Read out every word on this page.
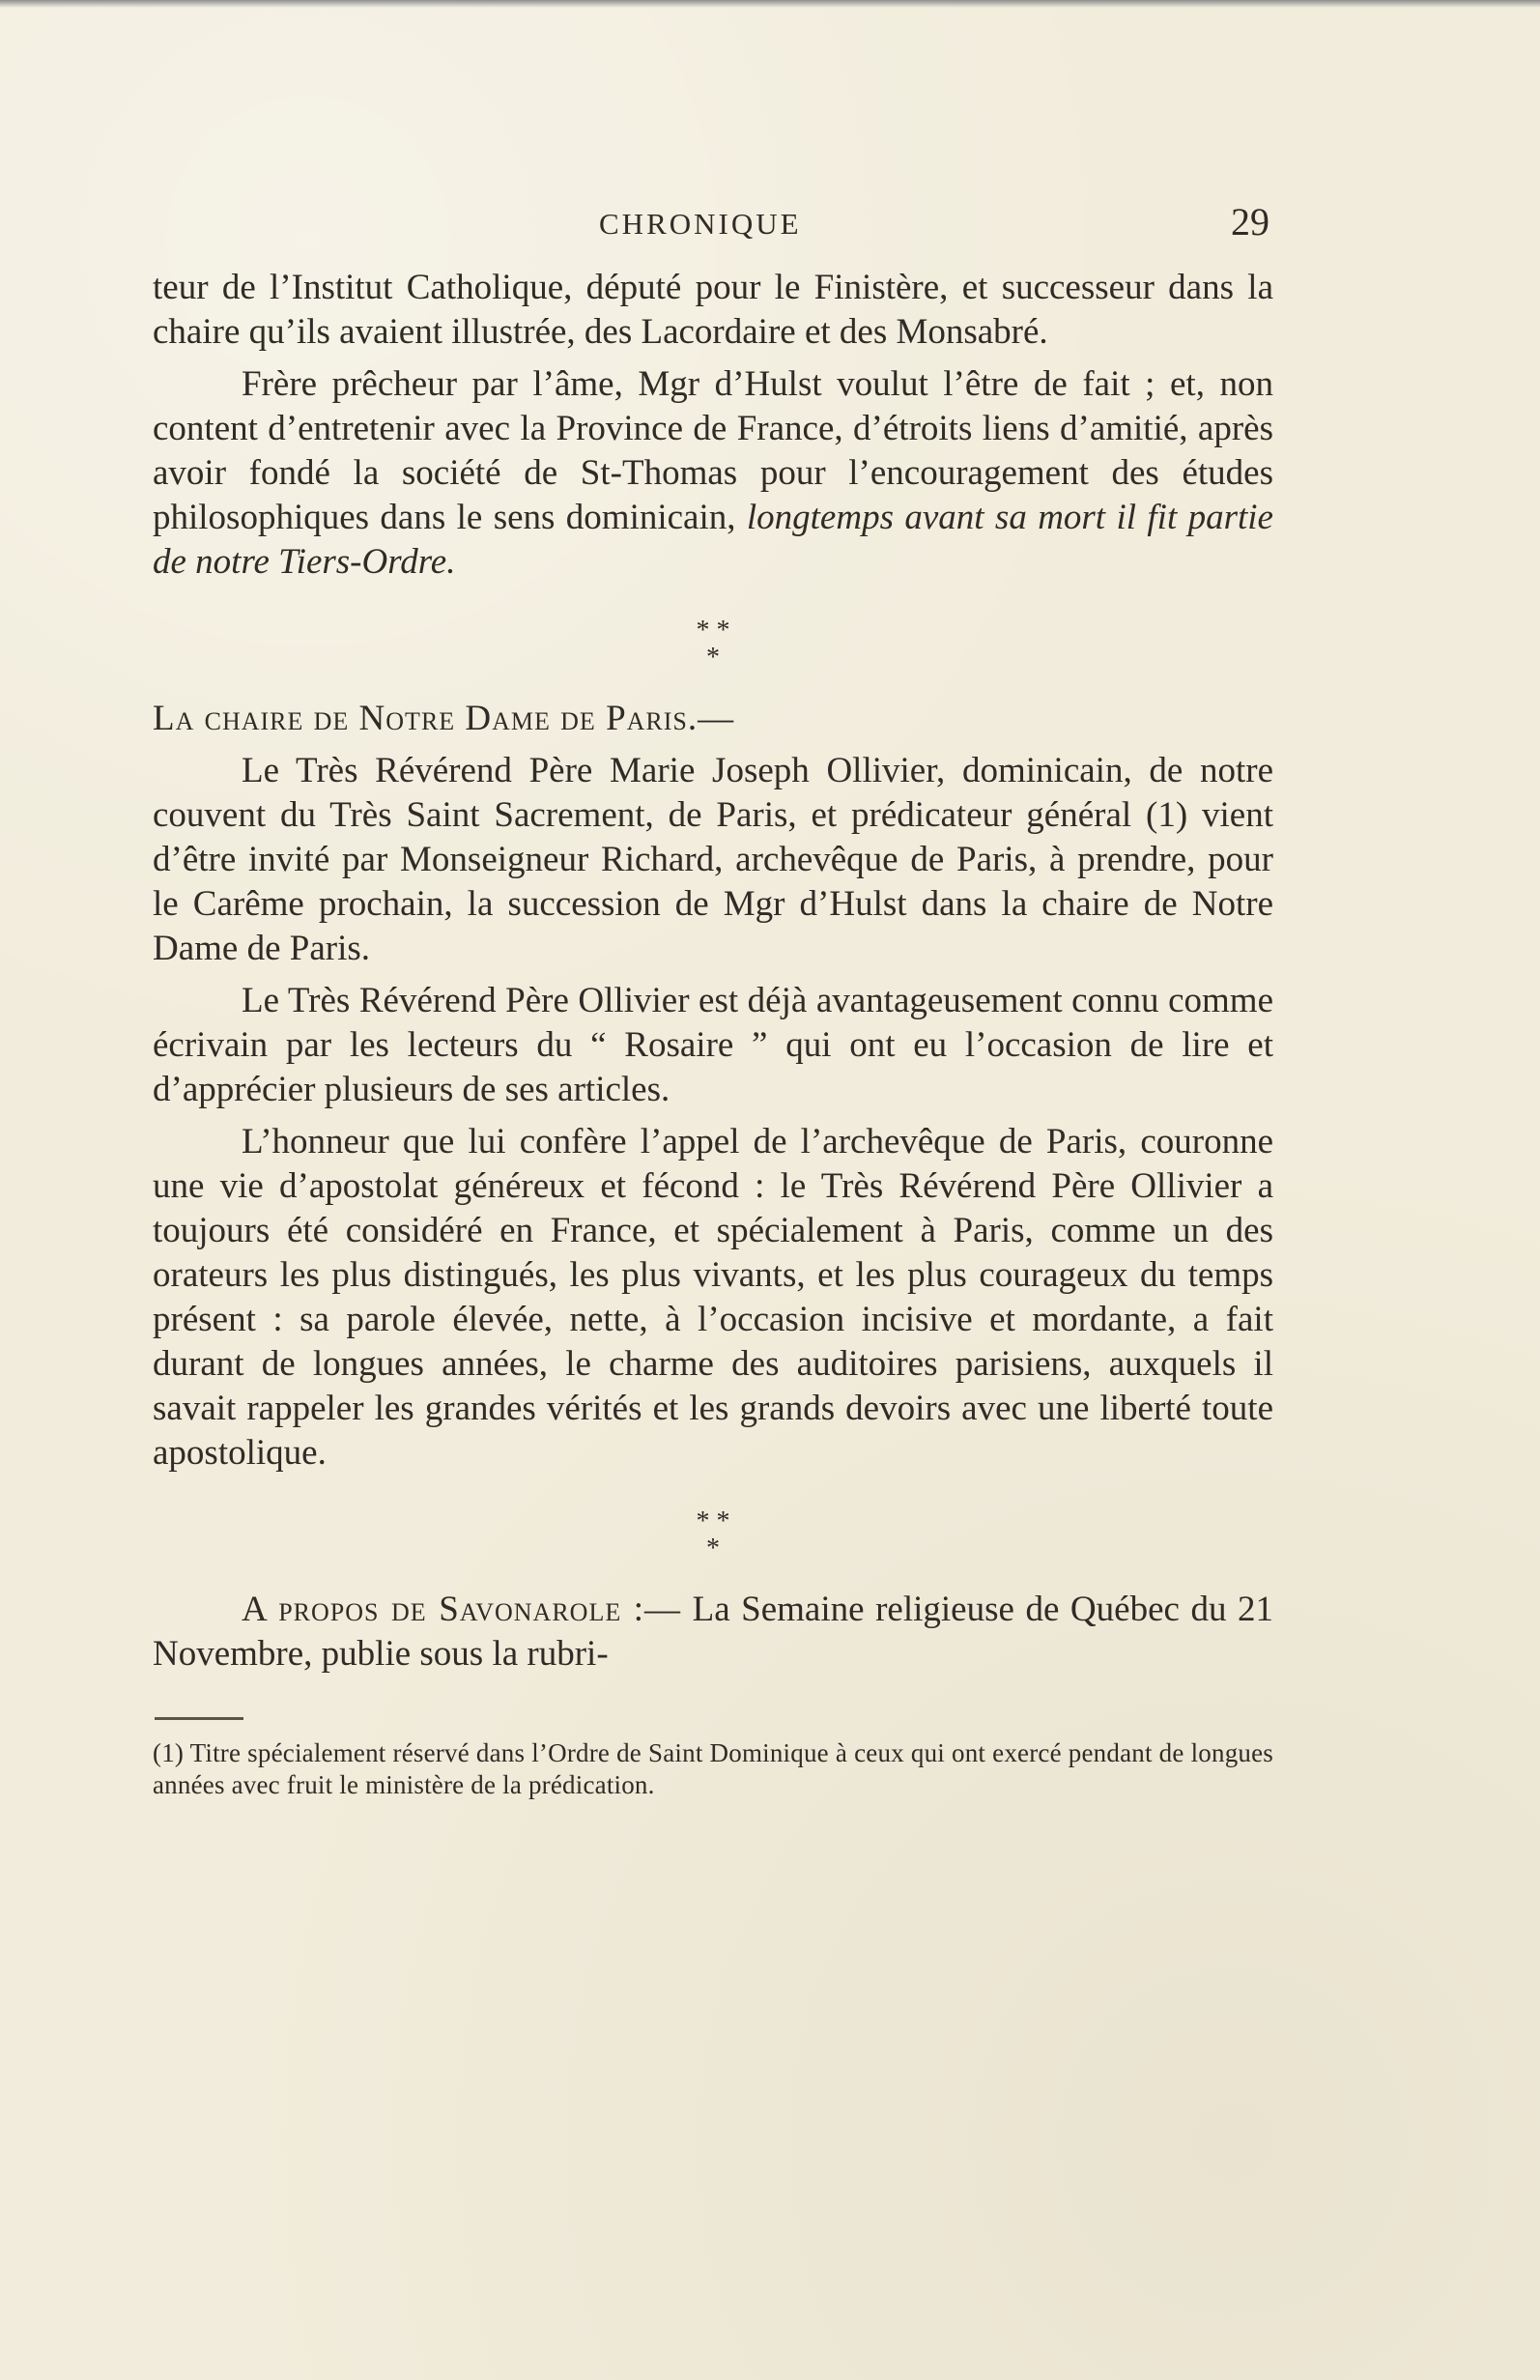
CHRONIQUE	29

teur de l’Institut Catholique, député pour le Finistère, et successeur dans la chaire qu’ils avaient illustrée, des Lacordaire et des Monsabré.

Frère prêcheur par l’âme, Mgr d’Hulst voulut l’être de fait ; et, non content d’entretenir avec la Province de France, d’étroits liens d’amitié, après avoir fondé la société de St-Thomas pour l’encouragement des études philosophiques dans le sens dominicain, longtemps avant sa mort il fit partie de notre Tiers-Ordre.

* *
*

La chaire de Notre Dame de Paris.—

Le Très Révérend Père Marie Joseph Ollivier, dominicain, de notre couvent du Très Saint Sacrement, de Paris, et prédicateur général (1) vient d’être invité par Monseigneur Richard, archevêque de Paris, à prendre, pour le Carême prochain, la succession de Mgr d’Hulst dans la chaire de Notre Dame de Paris.

Le Très Révérend Père Ollivier est déjà avantageusement connu comme écrivain par les lecteurs du “ Rosaire ” qui ont eu l’occasion de lire et d’apprécier plusieurs de ses articles.

L’honneur que lui confère l’appel de l’archevêque de Paris, couronne une vie d’apostolat généreux et fécond : le Très Révérend Père Ollivier a toujours été considéré en France, et spécialement à Paris, comme un des orateurs les plus distingués, les plus vivants, et les plus courageux du temps présent : sa parole élevée, nette, à l’occasion incisive et mordante, a fait durant de longues années, le charme des auditoires parisiens, auxquels il savait rappeler les grandes vérités et les grands devoirs avec une liberté toute apostolique.

* *
*

A propos de Savonarole :— La Semaine religieuse de Québec du 21 Novembre, publie sous la rubri-

(1) Titre spécialement réservé dans l’Ordre de Saint Dominique à ceux qui ont exercé pendant de longues années avec fruit le ministère de la prédication.
